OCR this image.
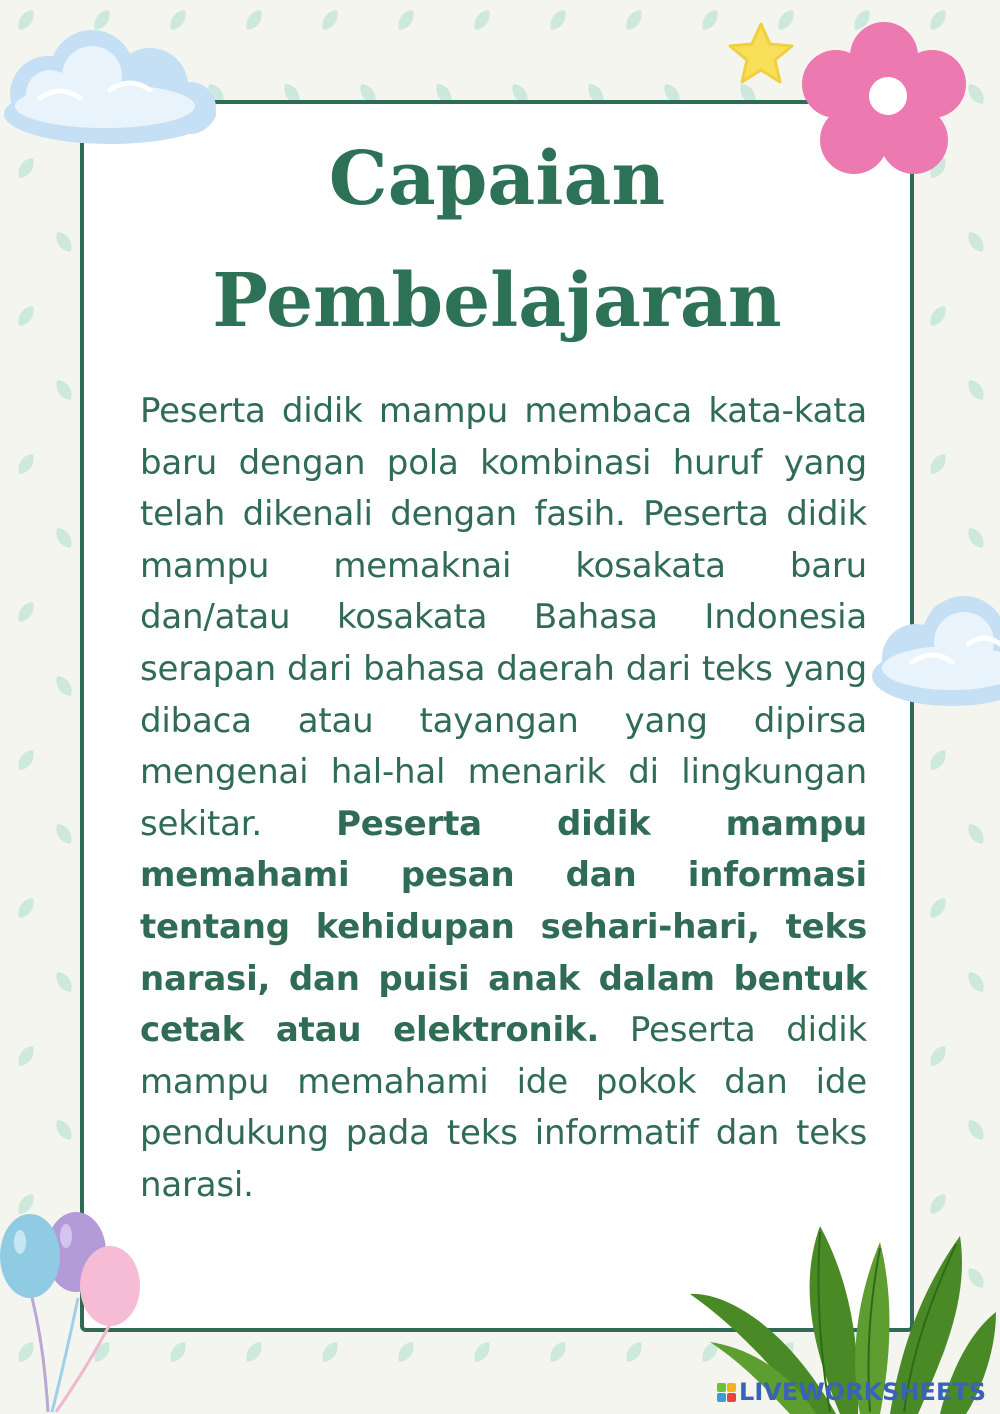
Capaian
Pembelajaran

Peserta didik mampu membaca kata-kata baru dengan pola kombinasi huruf yang telah dikenali dengan fasih. Peserta didik mampu memaknai kosakata baru dan/atau kosakata Bahasa Indonesia serapan dari bahasa daerah dari teks yang dibaca atau tayangan yang dipirsa mengenai hal-hal menarik di lingkungan sekitar. Peserta didik mampu memahami pesan dan informasi tentang kehidupan sehari-hari, teks narasi, dan puisi anak dalam bentuk cetak atau elektronik. Peserta didik mampu memahami ide pokok dan ide pendukung pada teks informatif dan teks narasi.

LIVEWORKSHEETS
